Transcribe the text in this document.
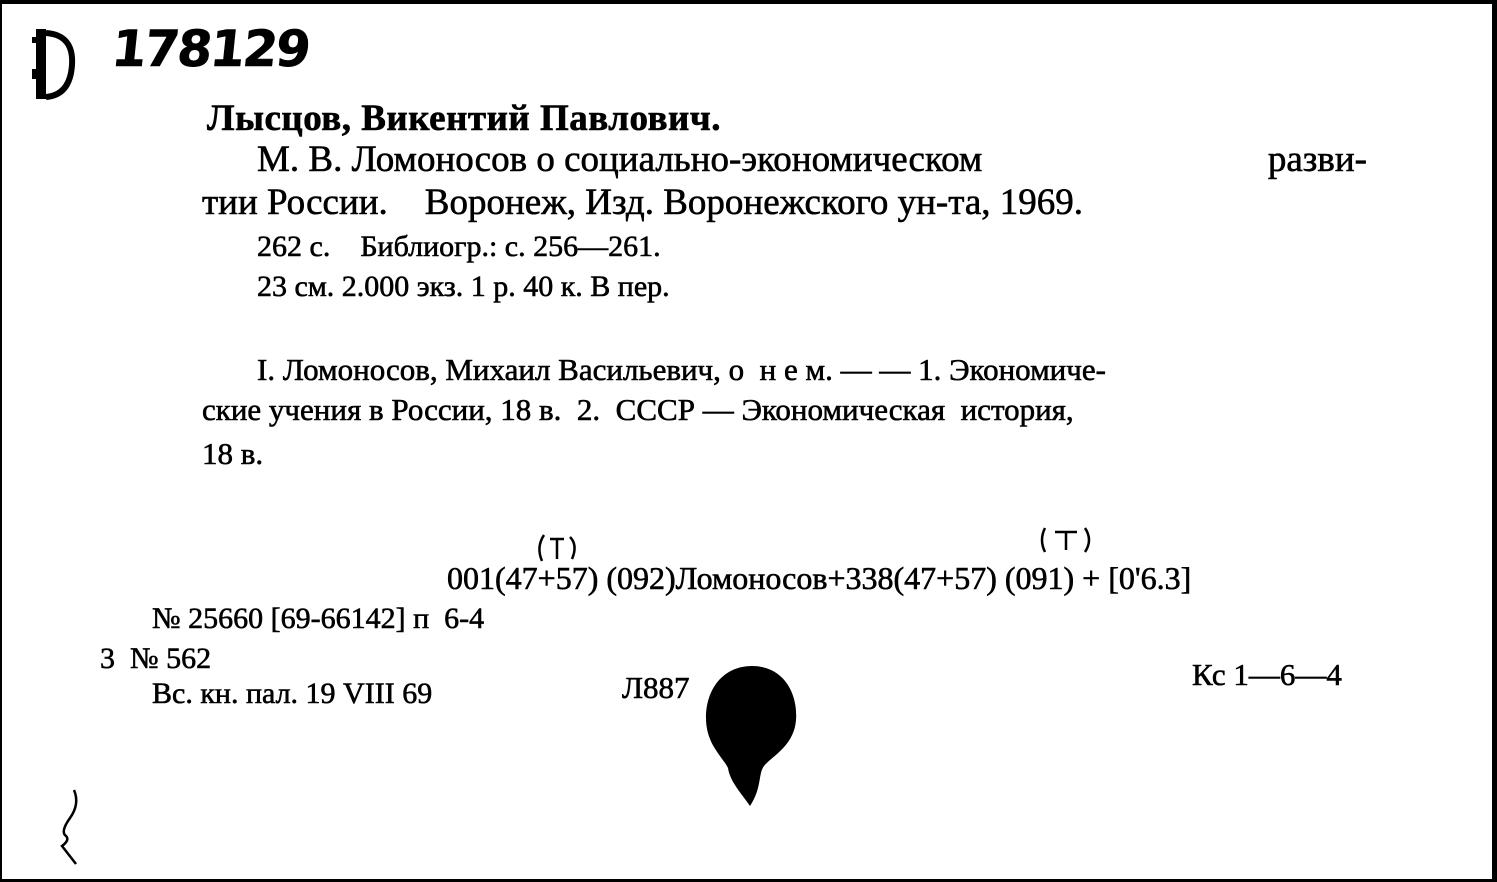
178129
Лысцов, Викентий Павлович.
М. В. Ломоносов о социально-экономическом	разви-
тии России.    Воронеж, Изд. Воронежского ун-та, 1969.
262 с.    Библиогр.: с. 256—261.
23 см. 2.000 экз. 1 р. 40 к. В пер.
I. Ломоносов, Михаил Васильевич, о  н е м. — — 1. Экономиче-
ские учения в России, 18 в.  2.  СССР — Экономическая  история,
18 в.
001(47+57) (092)Ломоносов+338(47+57) (091) + [0'6.3]
№ 25660 [69-66142] п  6-4
3  № 562
Вс. кн. пал. 19 VIII 69	Л887	Кс 1—6—4
